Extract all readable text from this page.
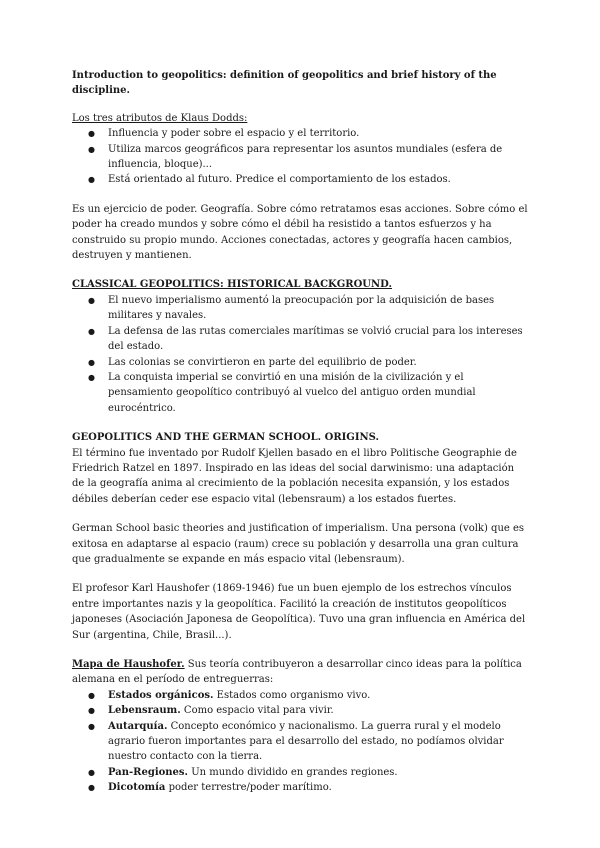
Introduction to geopolitics: definition of geopolitics and brief history of the discipline.

Los tres atributos de Klaus Dodds:

● Influencia y poder sobre el espacio y el territorio.
● Utiliza marcos geográficos para representar los asuntos mundiales (esfera de influencia, bloque)...
● Está orientado al futuro. Predice el comportamiento de los estados.

Es un ejercicio de poder. Geografía. Sobre cómo retratamos esas acciones. Sobre cómo el poder ha creado mundos y sobre cómo el débil ha resistido a tantos esfuerzos y ha construido su propio mundo. Acciones conectadas, actores y geografía hacen cambios, destruyen y mantienen.

CLASSICAL GEOPOLITICS: HISTORICAL BACKGROUND.

● El nuevo imperialismo aumentó la preocupación por la adquisición de bases militares y navales.
● La defensa de las rutas comerciales marítimas se volvió crucial para los intereses del estado.
● Las colonias se convirtieron en parte del equilibrio de poder.
● La conquista imperial se convirtió en una misión de la civilización y el pensamiento geopolítico contribuyó al vuelco del antiguo orden mundial eurocéntrico.

GEOPOLITICS AND THE GERMAN SCHOOL. ORIGINS.

El término fue inventado por Rudolf Kjellen basado en el libro Politische Geographie de Friedrich Ratzel en 1897. Inspirado en las ideas del social darwinismo: una adaptación de la geografía anima al crecimiento de la población necesita expansión, y los estados débiles deberían ceder ese espacio vital (lebensraum) a los estados fuertes.

German School basic theories and justification of imperialism. Una persona (volk) que es exitosa en adaptarse al espacio (raum) crece su población y desarrolla una gran cultura que gradualmente se expande en más espacio vital (lebensraum).

El profesor Karl Haushofer (1869-1946) fue un buen ejemplo de los estrechos vínculos entre importantes nazis y la geopolítica. Facilitó la creación de institutos geopolíticos japoneses (Asociación Japonesa de Geopolítica). Tuvo una gran influencia en América del Sur (argentina, Chile, Brasil...).

Mapa de Haushofer. Sus teoría contribuyeron a desarrollar cinco ideas para la política alemana en el período de entreguerras:

● Estados orgánicos. Estados como organismo vivo.
● Lebensraum. Como espacio vital para vivir.
● Autarquía. Concepto económico y nacionalismo. La guerra rural y el modelo agrario fueron importantes para el desarrollo del estado, no podíamos olvidar nuestro contacto con la tierra.
● Pan-Regiones. Un mundo dividido en grandes regiones.
● Dicotomía poder terrestre/poder marítimo.
